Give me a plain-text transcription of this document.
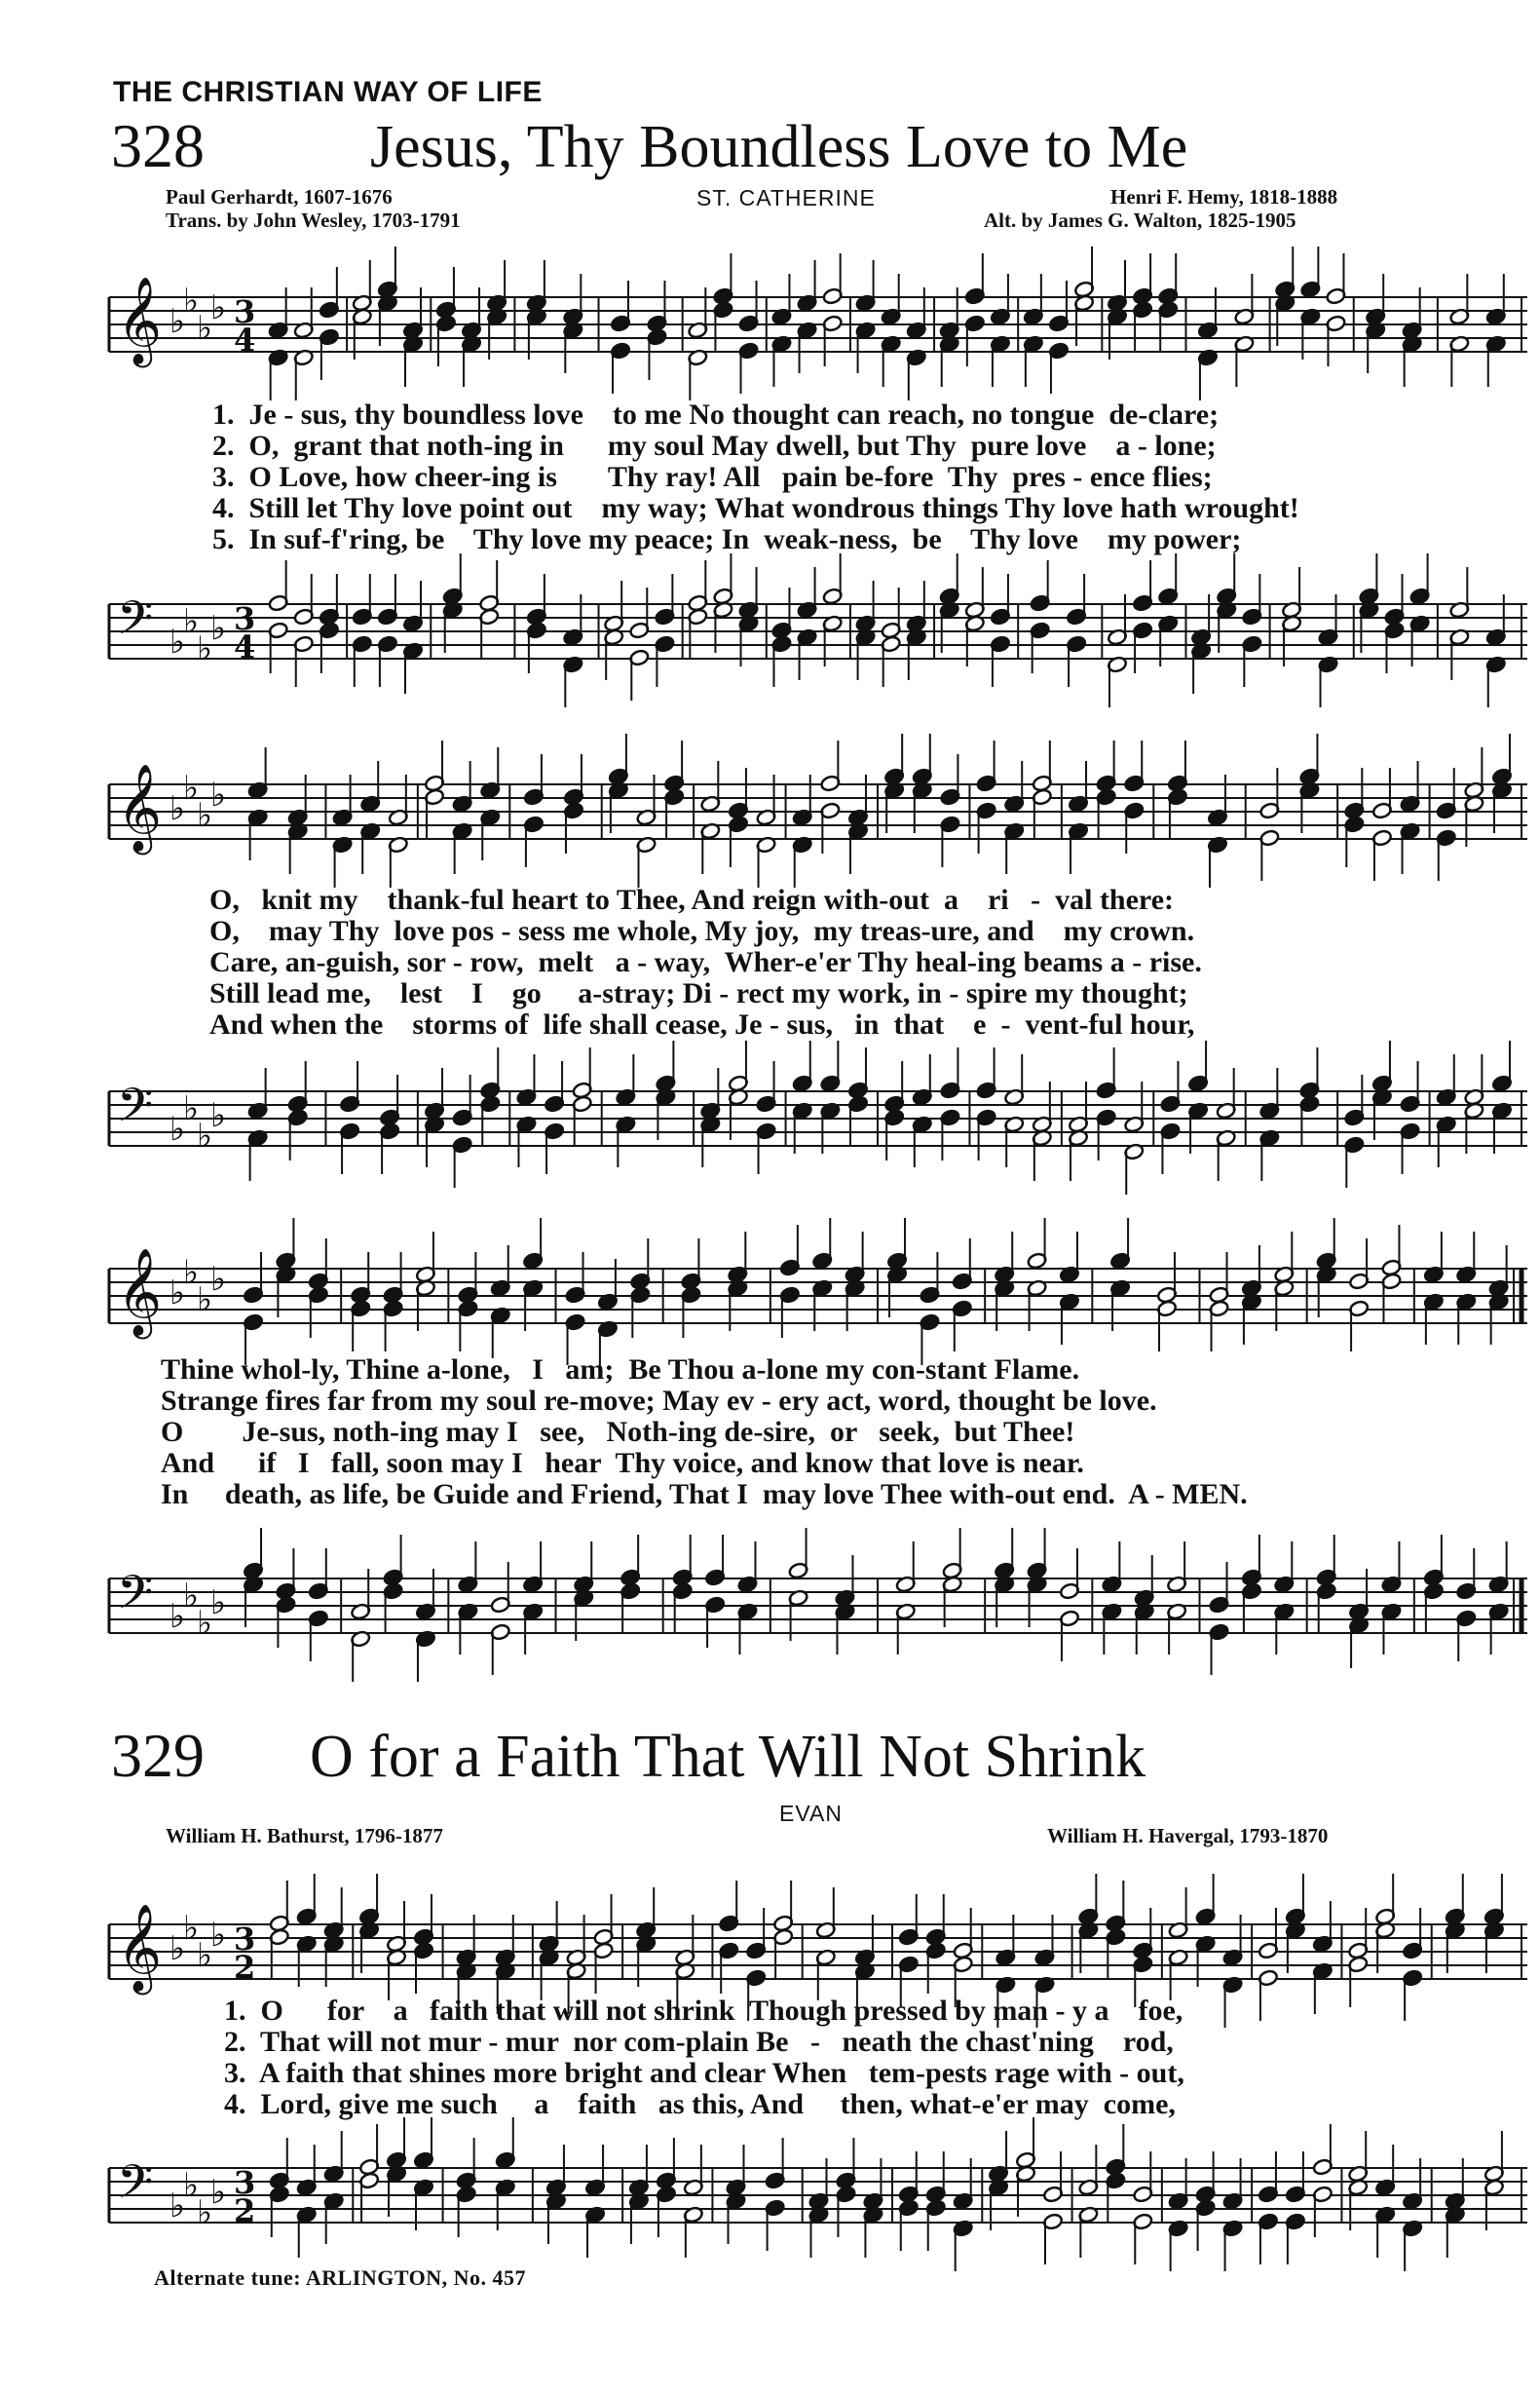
THE CHRISTIAN WAY OF LIFE
328	Jesus, Thy Boundless Love to Me
Paul Gerhardt, 1607-1676
Trans. by John Wesley, 1703-1791
ST. CATHERINE	Henri F. Hemy, 1818-1888
Alt. by James G. Walton, 1825-1905
𝄞 ♭
♭
♭
♭ 3
4
1.  Je - sus, thy boundless love    to me No thought can reach, no tongue  de-clare;
2.  O,  grant that noth-ing in      my soul May dwell, but Thy  pure love    a - lone;
3.  O Love, how cheer-ing is       Thy ray! All   pain be-fore  Thy  pres - ence flies;
4.  Still let Thy love point out    my way; What wondrous things Thy love hath wrought!
5.  In suf-f'ring, be    Thy love my peace; In  weak-ness,  be    Thy love    my power;
𝄢 ♭
♭
♭
♭ 3
4
𝄞 ♭
♭
♭
♭
O,   knit my    thank-ful heart to Thee, And reign with-out  a    ri   -  val there:
O,    may Thy  love pos - sess me whole, My joy,  my treas-ure, and    my crown.
Care, an-guish, sor - row,  melt   a - way,  Wher-e'er Thy heal-ing beams a - rise.
Still lead me,    lest    I    go     a-stray; Di - rect my work, in - spire my thought;
And when the    storms of  life shall cease, Je - sus,   in  that    e  -  vent-ful hour,
𝄢 ♭
♭
♭
♭
𝄞 ♭
♭
♭
♭
Thine whol-ly, Thine a-lone,   I   am;  Be Thou a-lone my con-stant Flame.
Strange fires far from my soul re-move; May ev - ery act, word, thought be love.
O        Je-sus, noth-ing may I   see,   Noth-ing de-sire,  or   seek,  but Thee!
And      if   I   fall, soon may I   hear  Thy voice, and know that love is near.
In     death, as life, be Guide and Friend, That I  may love Thee with-out end.  A - MEN.
𝄢 ♭
♭
♭
♭
329 O for a Faith That Will Not Shrink
EVAN
William H. Bathurst, 1796-1877	William H. Havergal, 1793-1870
𝄞 ♭
♭
♭
♭ 3
2
1.  O      for    a   faith that will not shrink  Though pressed by man - y a    foe,
2.  That will not mur - mur  nor com-plain Be   -   neath the chast'ning    rod,
3.  A faith that shines more bright and clear When   tem-pests rage with - out,
4.  Lord, give me such     a    faith   as this, And     then, what-e'er may  come,
𝄢 ♭
♭
♭
♭ 3
2
Alternate tune: ARLINGTON, No. 457
